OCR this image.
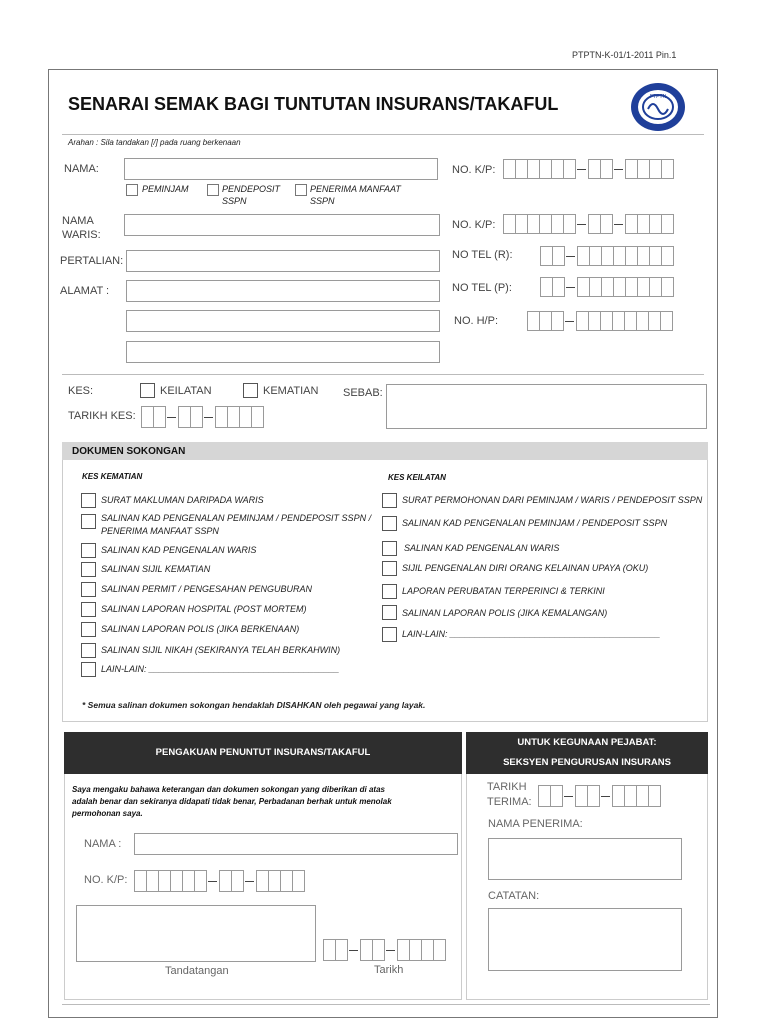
PTPTN-K-01/1-2011 Pin.1
SENARAI SEMAK BAGI TUNTUTAN INSURANS/TAKAFUL	PTPTN
Arahan : Sila tandakan [/] pada ruang berkenaan
NAMA:
PEMINJAM	PENDEPOSIT
SSPN
PENERIMA MANFAAT
SSPN
NAMA
WARIS:
PERTALIAN:
ALAMAT :
NO. K/P:
NO. K/P:
NO TEL (R):
NO TEL (P):
NO. H/P:
KES:	KEILATAN	KEMATIAN SEBAB:
TARIKH KES:
DOKUMEN SOKONGAN
KES KEMATIAN	KES KEILATAN
SURAT MAKLUMAN DARIPADA WARIS
SALINAN KAD PENGENALAN PEMINJAM / PENDEPOSIT SSPN /
PENERIMA MANFAAT SSPN
SALINAN KAD PENGENALAN WARIS
SALINAN SIJIL KEMATIAN
SALINAN PERMIT / PENGESAHAN PENGUBURAN
SALINAN LAPORAN HOSPITAL (POST MORTEM)
SALINAN LAPORAN POLIS (JIKA BERKENAAN)
SALINAN SIJIL NIKAH (SEKIRANYA TELAH BERKAHWIN)
LAIN-LAIN: ______________________________________
SURAT PERMOHONAN DARI PEMINJAM / WARIS / PENDEPOSIT SSPN
SALINAN KAD PENGENALAN PEMINJAM / PENDEPOSIT SSPN
SALINAN KAD PENGENALAN WARIS
SIJIL PENGENALAN DIRI ORANG KELAINAN UPAYA (OKU)
LAPORAN PERUBATAN TERPERINCI & TERKINI
SALINAN LAPORAN POLIS (JIKA KEMALANGAN)
LAIN-LAIN: __________________________________________
* Semua salinan dokumen sokongan hendaklah DISAHKAN oleh pegawai yang layak.
PENGAKUAN PENUNTUT INSURANS/TAKAFUL
Saya mengaku bahawa keterangan dan dokumen sokongan yang diberikan di atas
adalah benar dan sekiranya didapati tidak benar, Perbadanan berhak untuk menolak
permohonan saya.
NAMA :
NO. K/P:
Tandatangan	Tarikh
UNTUK KEGUNAAN PEJABAT:
SEKSYEN PENGURUSAN INSURANS
TARIKH
TERIMA:
NAMA PENERIMA:
CATATAN:
